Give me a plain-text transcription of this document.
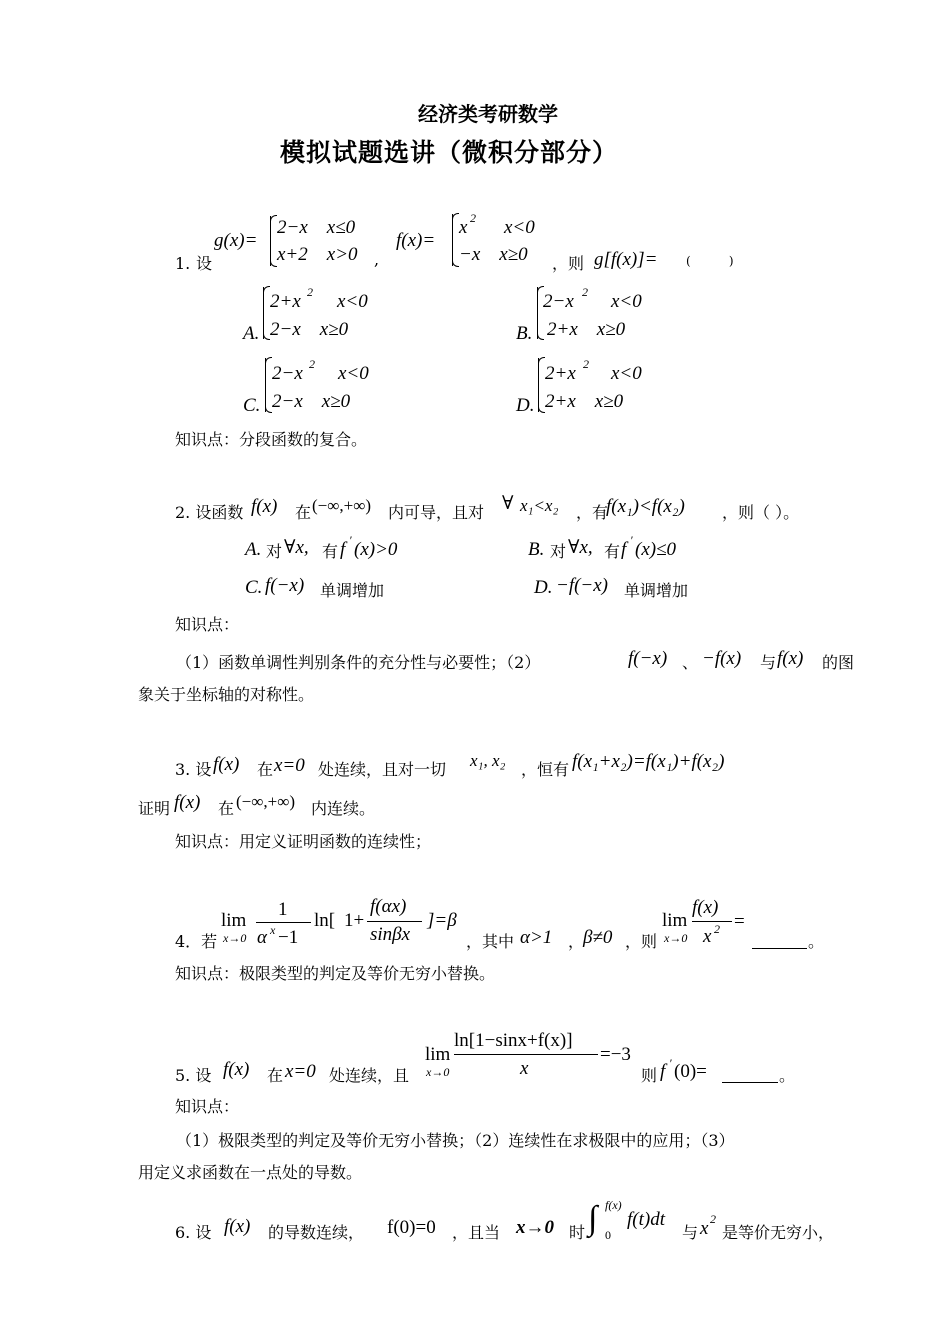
经济类考研数学
模拟试题选讲（微积分部分）
1. 设
g(x)=
2−x    x≤0
x+2    x>0 ,
f(x)=
x 2 x<0
−x    x≥0 ，则 g[f(x)]= (          )
A.
2+x 2 x<0
2−x    x≥0	B.
2−x 2 x<0
2+x    x≥0
C.
2−x 2 x<0
2−x    x≥0	D.
2+x 2 x<0
2+x    x≥0
知识点：分段函数的复合。
2. 设函数 f(x) 在 (−∞,+∞) 内可导，且对 ∀ x₁<x₂ ，有
f(x₁)<f(x₂) ，则（ ）。
A. 对 ∀x, 有 f ′ (x)>0	B. 对 ∀x, 有 f ′ (x)≤0
C. f(−x) 单调增加	D. −f(−x) 单调增加
知识点：
（1）函数单调性判别条件的充分性与必要性；（2）	f(−x) 、 −f(x) 与 f(x) 的图
象关于坐标轴的对称性。
3. 设 f(x) 在 x=0 处连续，且对一切 x₁, x₂ ，恒有 f(x₁+x₂)=f(x₁)+f(x₂)
证明 f(x) 在 (−∞,+∞) 内连续。
知识点：用定义证明函数的连续性；
4．若
lim
x→0
1
α x −1
ln[ 1+
f(αx)
sinβx
]=β
，其中 α>1 ，
β≠0 ，则
lim
x→0
f(x)
x 2 =
。
知识点：极限类型的判定及等价无穷小替换。
5. 设 f(x) 在 x=0 处连续，且
lim
x→0
ln[1−sinx+f(x)]
x
=−3
则 f ′ (0)=	。
知识点：
（1）极限类型的判定及等价无穷小替换；（2）连续性在求极限中的应用；（3）
用定义求函数在一点处的导数。
6. 设 f(x) 的导数连续， f(0)=0 ，且当 x→0 时 ∫ f(x)
0
f(t)dt
与 x 2
是等价无穷小，
